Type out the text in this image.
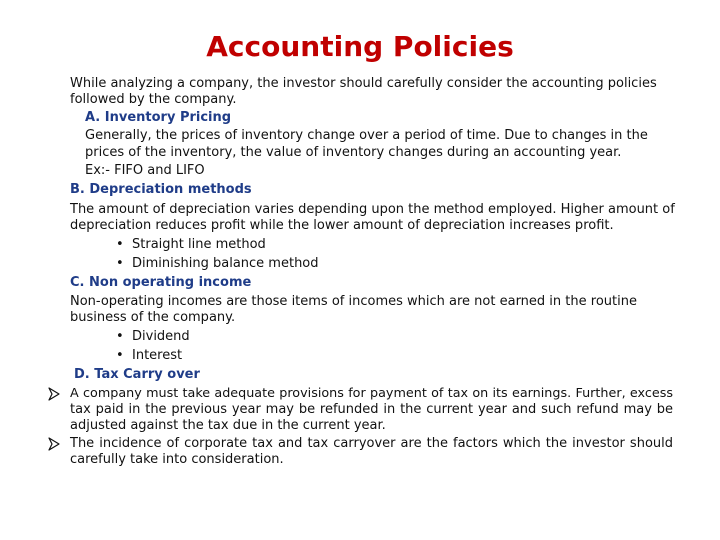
Accounting Policies
While analyzing a company, the investor should carefully consider the accounting policies
followed by the company.
A. Inventory Pricing
Generally, the prices of inventory change over a period of time. Due to changes in the
prices of the inventory, the value of inventory changes during an accounting year.
Ex:- FIFO and LIFO
B. Depreciation methods
The amount of depreciation varies depending upon the method employed. Higher amount of
depreciation reduces profit while the lower amount of depreciation increases profit.
• Straight line method
• Diminishing balance method
C. Non operating income
Non-operating incomes are those items of incomes which are not earned in the routine
business of the company.
• Dividend
• Interest
D. Tax Carry over
A company must take adequate provisions for payment of tax on its earnings. Further, excess
tax paid in the previous year may be refunded in the current year and such refund may be
adjusted against the tax due in the current year.
The incidence of corporate tax and tax carryover are the factors which the investor should
carefully take into consideration.
